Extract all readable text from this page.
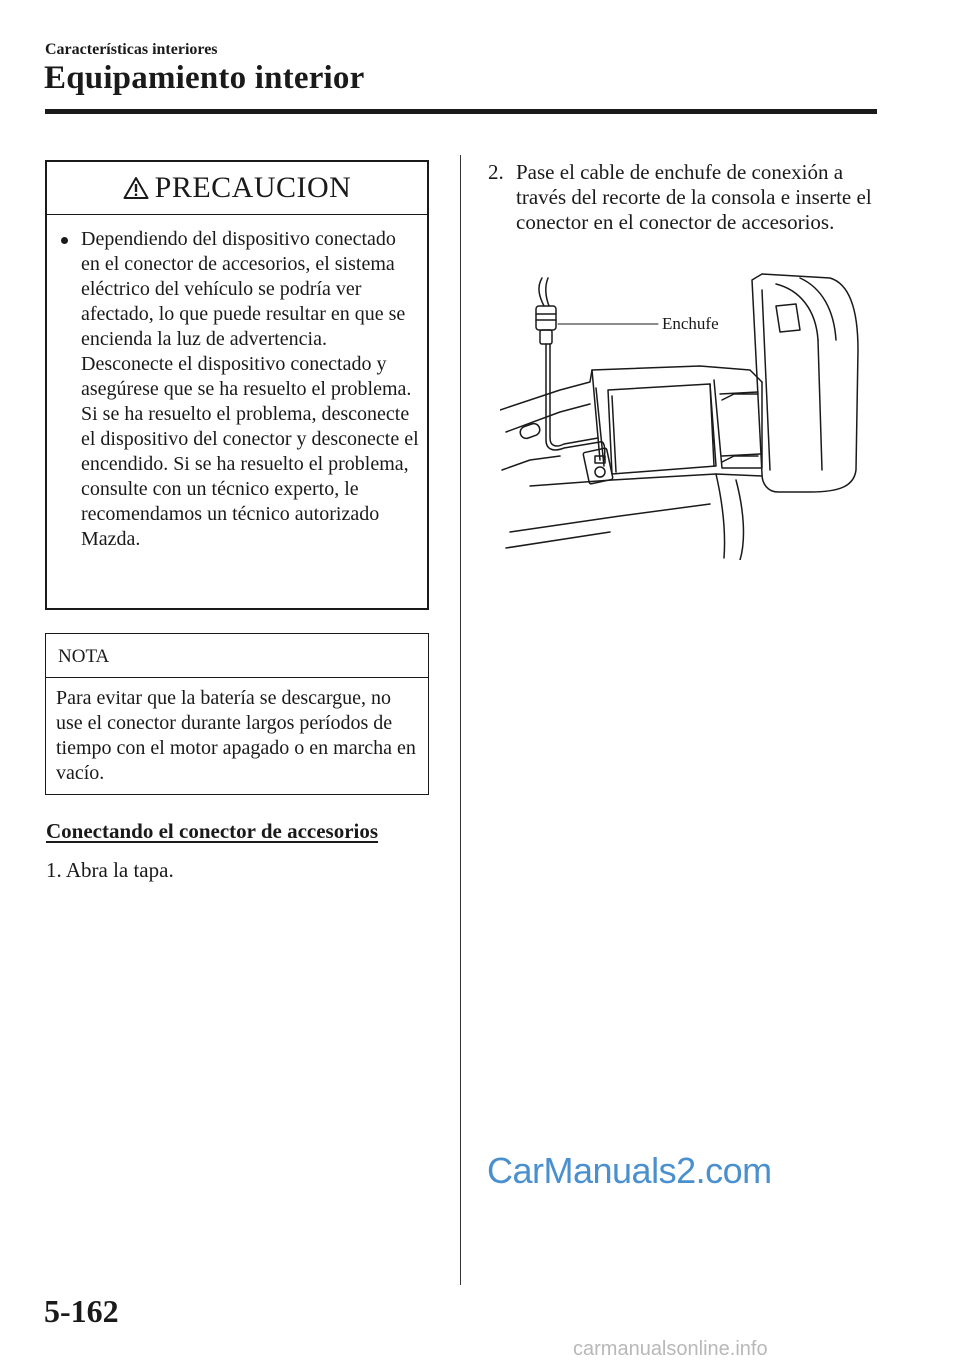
Características interiores
Equipamiento interior
PRECAUCION
Dependiendo del dispositivo conectado en el conector de accesorios, el sistema eléctrico del vehículo se podría ver afectado, lo que puede resultar en que se encienda la luz de advertencia. Desconecte el dispositivo conectado y asegúrese que se ha resuelto el problema. Si se ha resuelto el problema, desconecte el dispositivo del conector y desconecte el encendido. Si se ha resuelto el problema, consulte con un técnico experto, le recomendamos un técnico autorizado Mazda.
NOTA
Para evitar que la batería se descargue, no use el conector durante largos períodos de tiempo con el motor apagado o en marcha en vacío.
Conectando el conector de accesorios
1. Abra la tapa.
2. Pase el cable de enchufe de conexión a través del recorte de la consola e inserte el conector en el conector de accesorios.
Enchufe
CarManuals2.com
5-162
carmanualsonline.info
